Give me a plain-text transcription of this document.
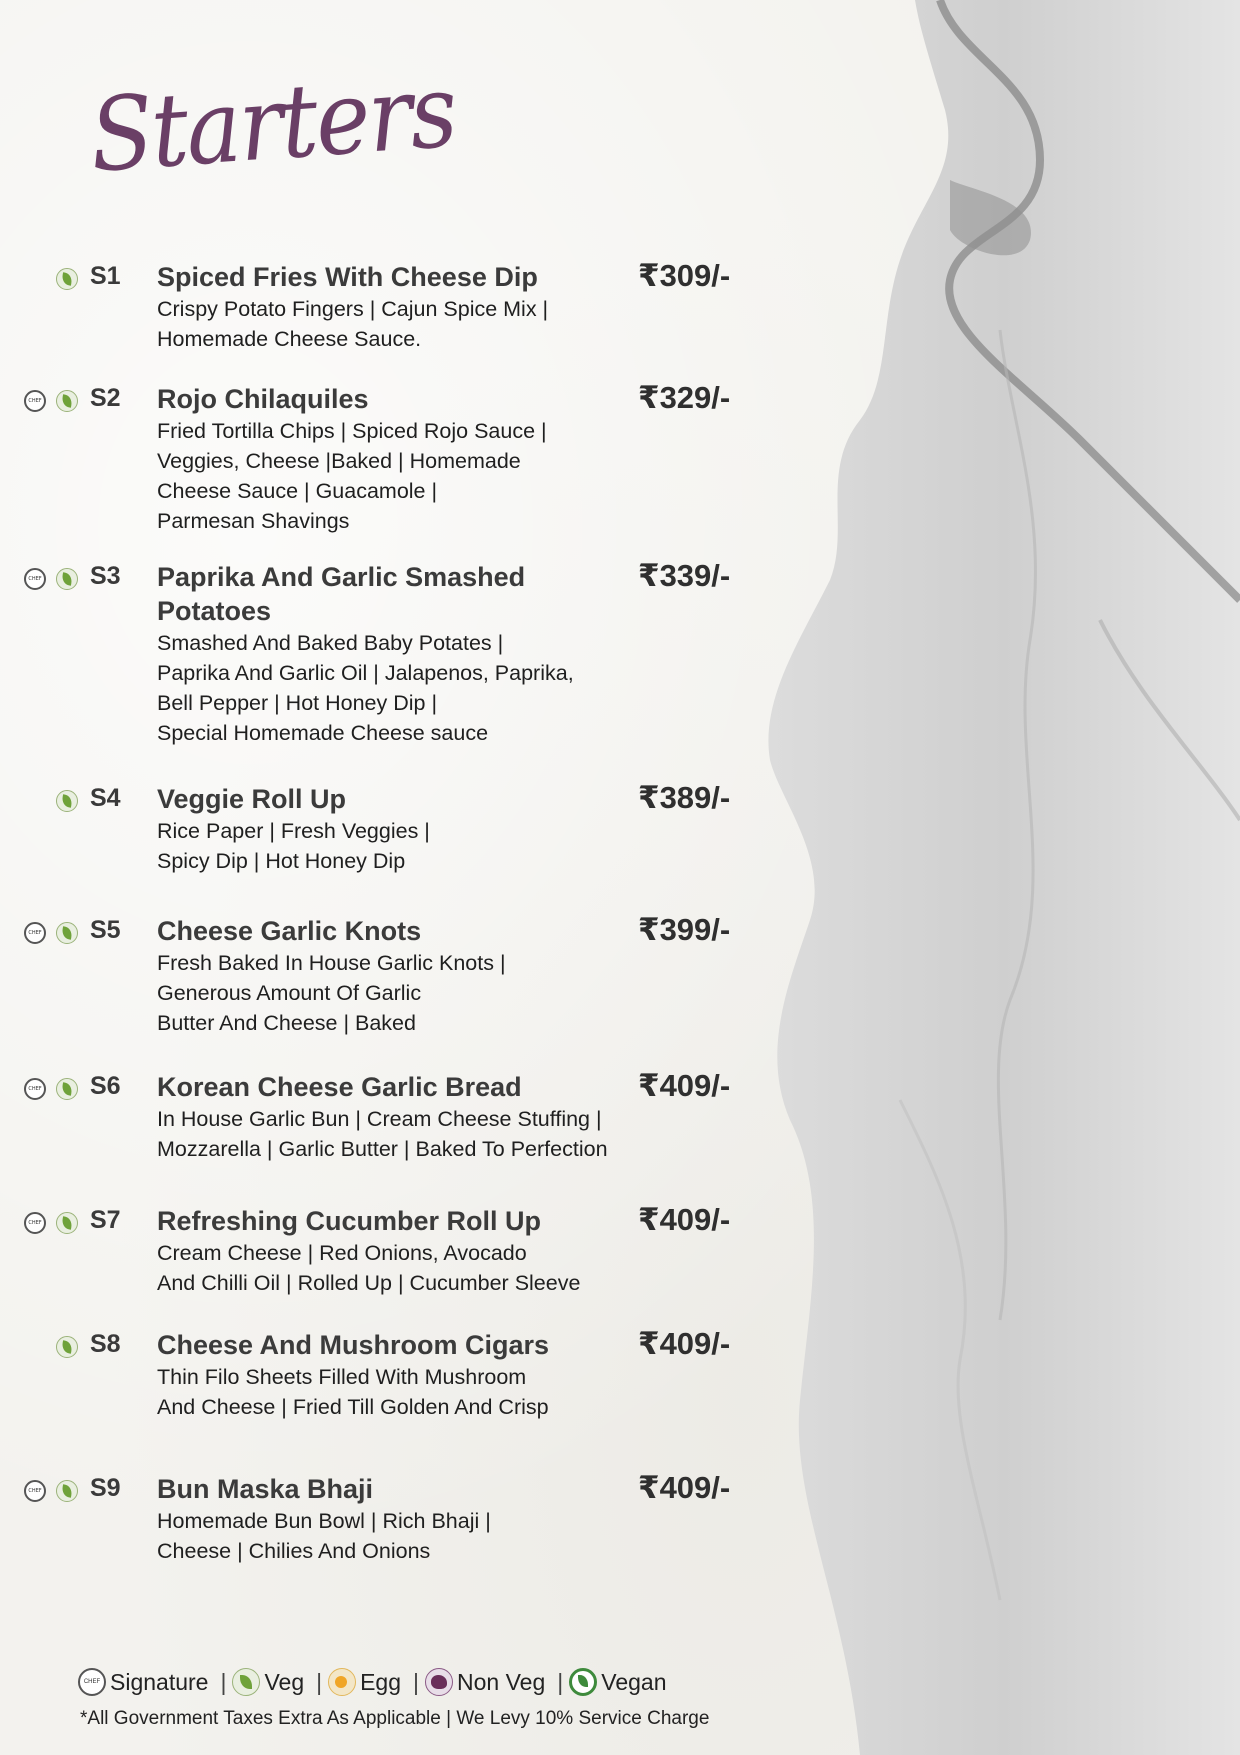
Starters
S1 Spiced Fries With Cheese Dip	₹309/-
Crispy Potato Fingers | Cajun Spice Mix |
Homemade Cheese Sauce.
CHEF S2 Rojo Chilaquiles	₹329/-
Fried Tortilla Chips | Spiced Rojo Sauce |
Veggies, Cheese |Baked | Homemade
Cheese Sauce | Guacamole |
Parmesan Shavings
CHEF S3 Paprika And Garlic Smashed Potatoes
₹339/-
Smashed And Baked Baby Potates |
Paprika And Garlic Oil | Jalapenos, Paprika,
Bell Pepper | Hot Honey Dip |
Special Homemade Cheese sauce
S4 Veggie Roll Up	₹389/-
Rice Paper | Fresh Veggies |
Spicy Dip | Hot Honey Dip
CHEF S5 Cheese Garlic Knots	₹399/-
Fresh Baked In House Garlic Knots |
Generous Amount Of Garlic
Butter And Cheese | Baked
CHEF S6 Korean Cheese Garlic Bread	₹409/-
In House Garlic Bun | Cream Cheese Stuffing |
Mozzarella | Garlic Butter | Baked To Perfection
CHEF S7 Refreshing Cucumber Roll Up	₹409/-
Cream Cheese | Red Onions, Avocado
And Chilli Oil | Rolled Up | Cucumber Sleeve
S8 Cheese And Mushroom Cigars	₹409/-
Thin Filo Sheets Filled With Mushroom
And Cheese | Fried Till Golden And Crisp
CHEF S9 Bun Maska Bhaji	₹409/-
Homemade Bun Bowl | Rich Bhaji |
Cheese | Chilies And Onions
CHEF Signature | Veg | Egg | Non Veg | Vegan
*All Government Taxes Extra As Applicable | We Levy 10% Service Charge
